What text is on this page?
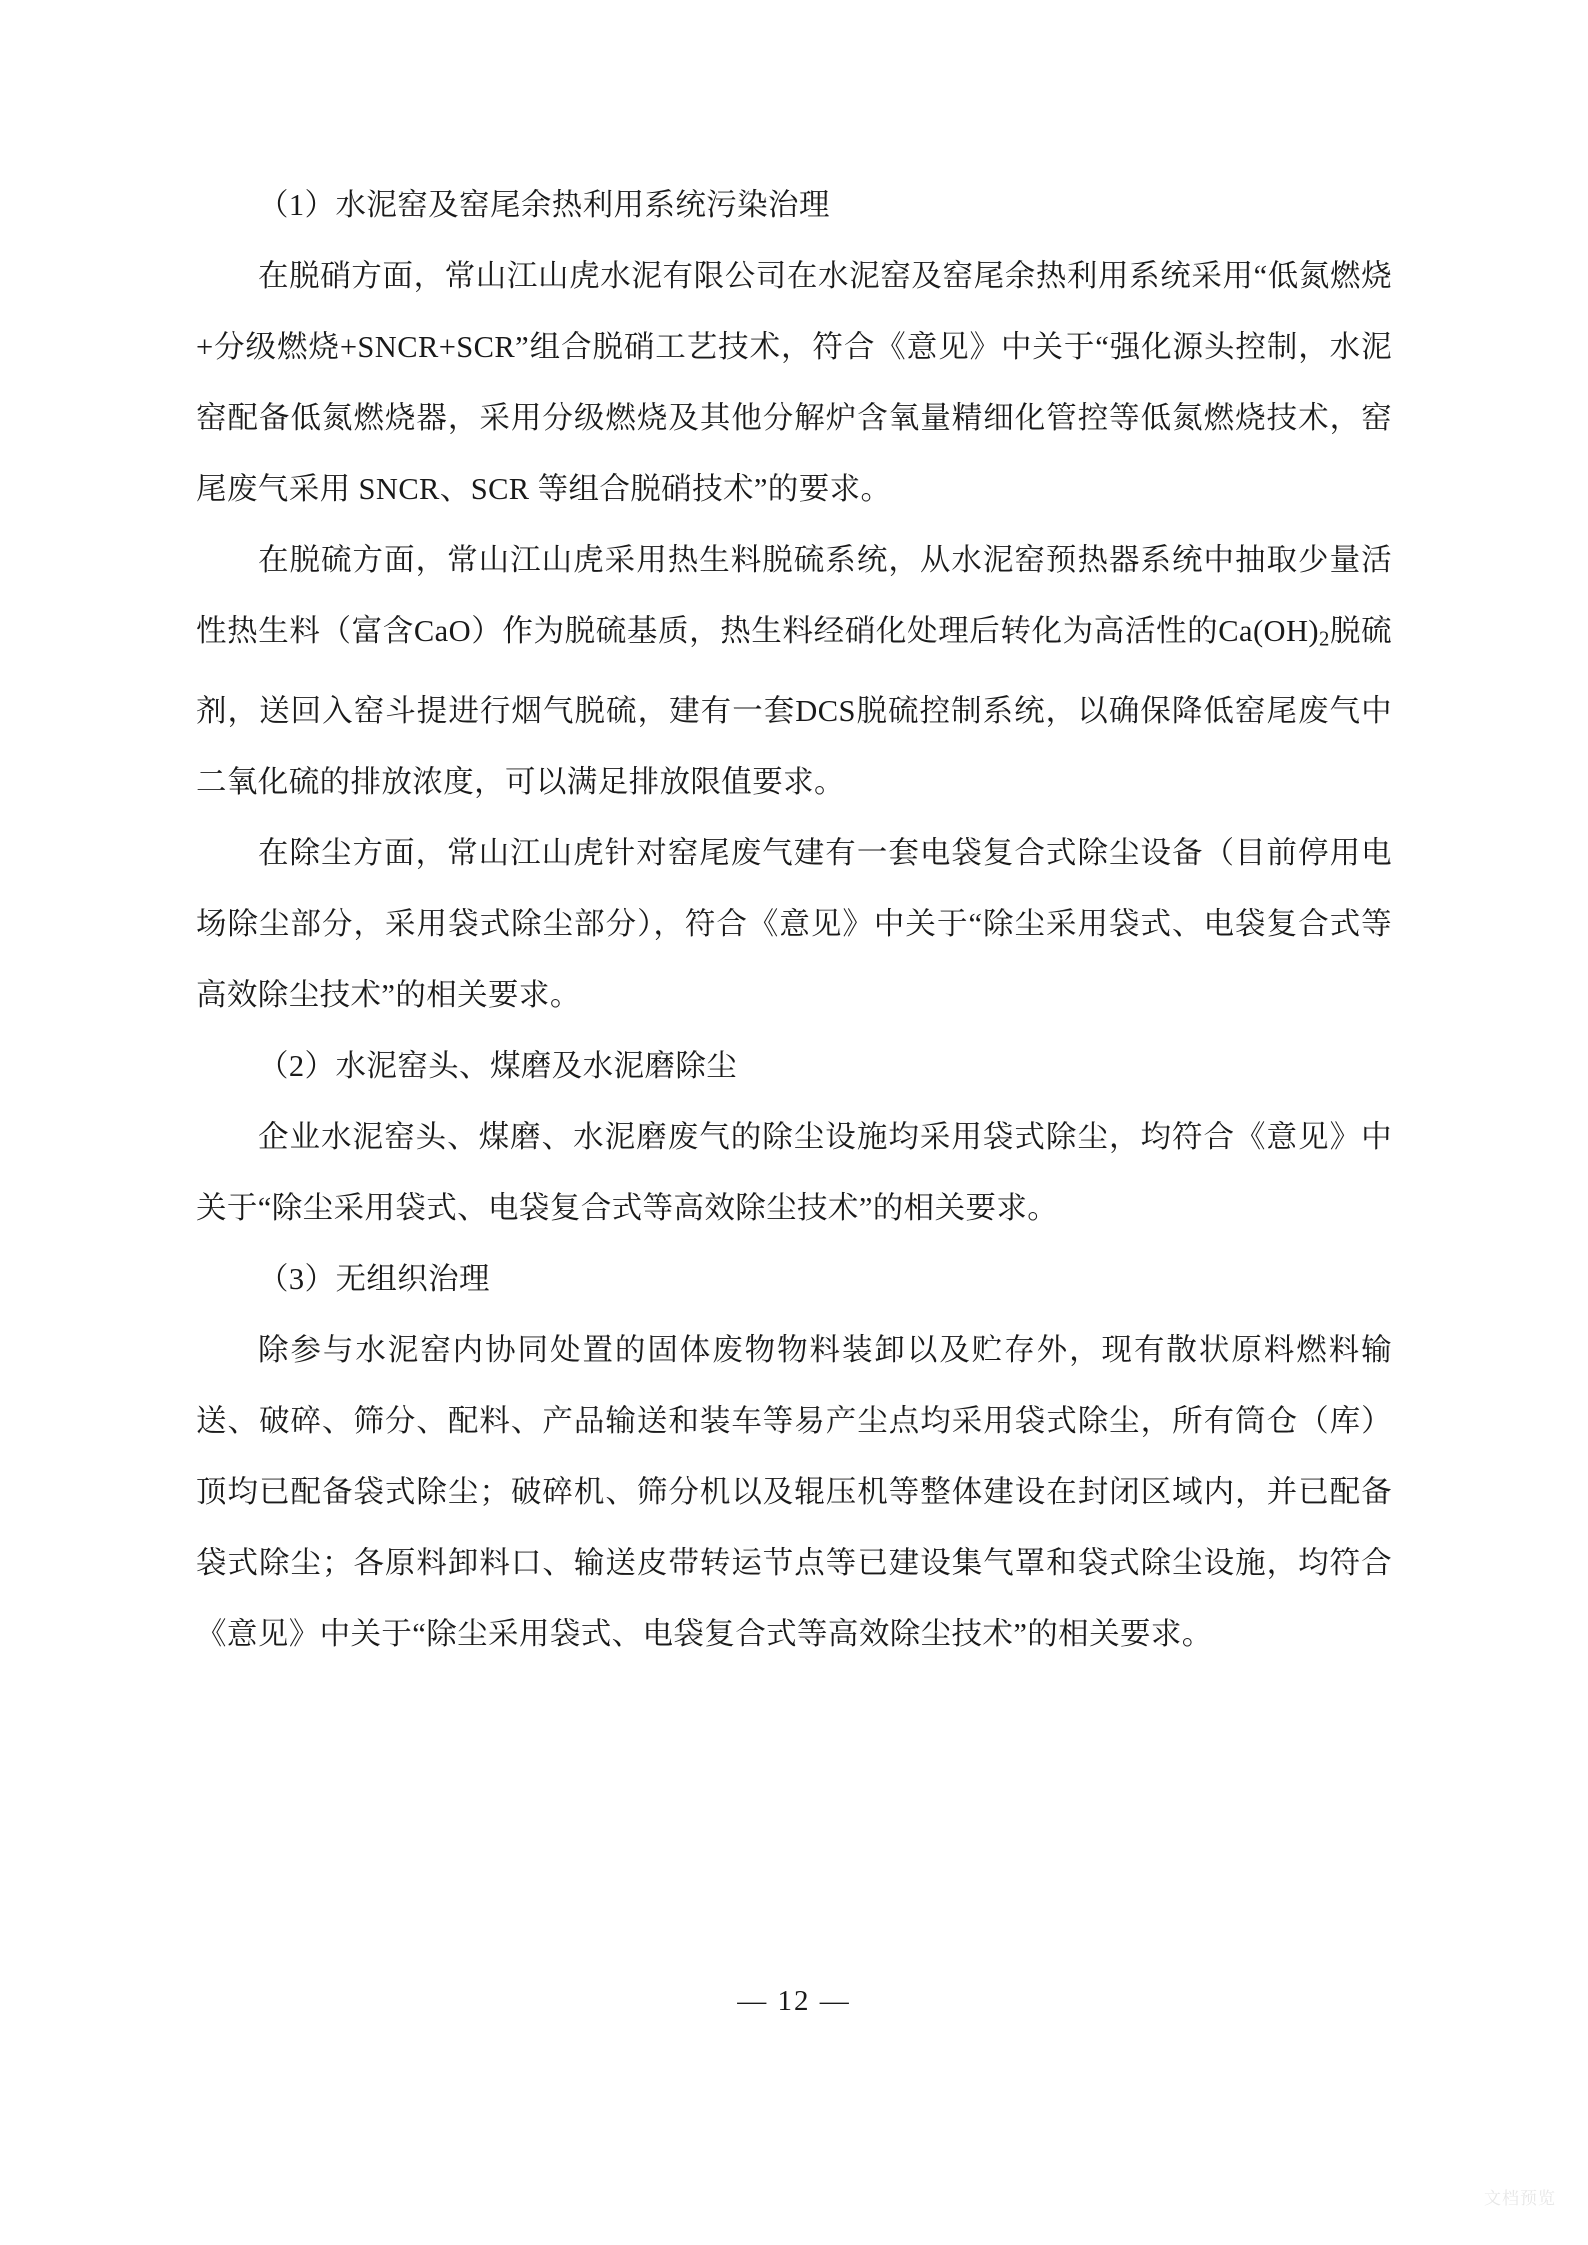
（1）水泥窑及窑尾余热利用系统污染治理

在脱硝方面，常山江山虎水泥有限公司在水泥窑及窑尾余热利用系统采用“低氮燃烧+分级燃烧+SNCR+SCR”组合脱硝工艺技术，符合《意见》中关于“强化源头控制，水泥窑配备低氮燃烧器，采用分级燃烧及其他分解炉含氧量精细化管控等低氮燃烧技术，窑尾废气采用 SNCR、SCR 等组合脱硝技术”的要求。

在脱硫方面，常山江山虎采用热生料脱硫系统，从水泥窑预热器系统中抽取少量活性热生料（富含CaO）作为脱硫基质，热生料经硝化处理后转化为高活性的$Ca(OH)_2$脱硫剂，送回入窑斗提进行烟气脱硫，建有一套DCS脱硫控制系统，以确保降低窑尾废气中二氧化硫的排放浓度，可以满足排放限值要求。

在除尘方面，常山江山虎针对窑尾废气建有一套电袋复合式除尘设备（目前停用电场除尘部分，采用袋式除尘部分），符合《意见》中关于“除尘采用袋式、电袋复合式等高效除尘技术”的相关要求。

（2）水泥窑头、煤磨及水泥磨除尘

企业水泥窑头、煤磨、水泥磨废气的除尘设施均采用袋式除尘，均符合《意见》中关于“除尘采用袋式、电袋复合式等高效除尘技术”的相关要求。

（3）无组织治理

除参与水泥窑内协同处置的固体废物物料装卸以及贮存外，现有散状原料燃料输送、破碎、筛分、配料、产品输送和装车等易产尘点均采用袋式除尘，所有筒仓（库）顶均已配备袋式除尘；破碎机、筛分机以及辊压机等整体建设在封闭区域内，并已配备袋式除尘；各原料卸料口、输送皮带转运节点等已建设集气罩和袋式除尘设施，均符合《意见》中关于“除尘采用袋式、电袋复合式等高效除尘技术”的相关要求。

— 12 —
文档预览
